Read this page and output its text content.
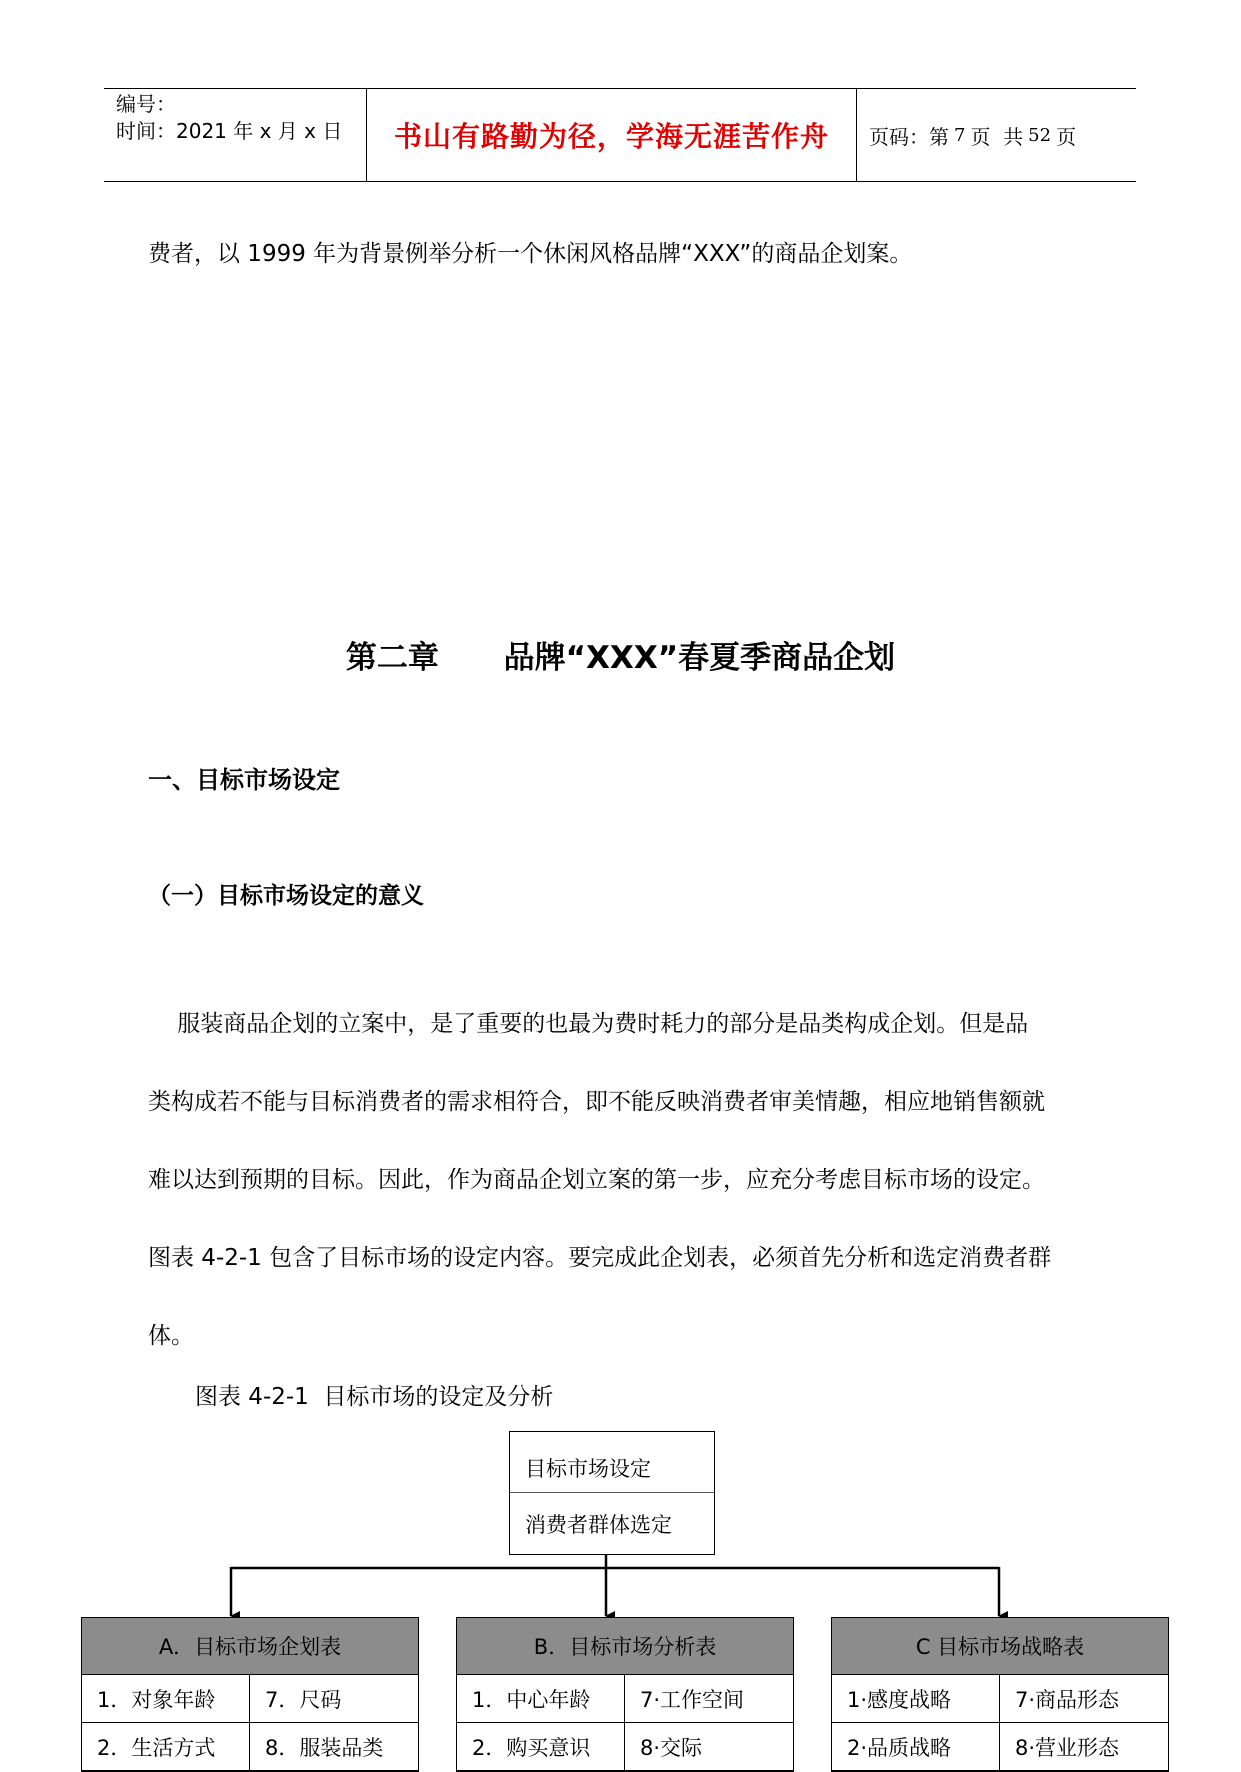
编号：
时间：2021 年 x 月 x 日	书山有路勤为径，学海无涯苦作舟	页码：第 7 页  共 52 页
费者，以 1999 年为背景例举分析一个休闲风格品牌“XXX”的商品企划案。
第二章      品牌“XXX”春夏季商品企划
一、目标市场设定
（一）目标市场设定的意义
服装商品企划的立案中，是了重要的也最为费时耗力的部分是品类构成企划。但是品
类构成若不能与目标消费者的需求相符合，即不能反映消费者审美情趣，相应地销售额就
难以达到预期的目标。因此，作为商品企划立案的第一步，应充分考虑目标市场的设定。
图表 4-2-1 包含了目标市场的设定内容。要完成此企划表，必须首先分析和选定消费者群
体。
图表 4-2-1  目标市场的设定及分析
目标市场设定
消费者群体选定
A．目标市场企划表
1．对象年龄	7．尺码
2．生活方式	8．服装品类
B．目标市场分析表
1．中心年龄	7·工作空间
2．购买意识	8·交际
C 目标市场战略表
1·感度战略	7·商品形态
2·品质战略	8·营业形态
